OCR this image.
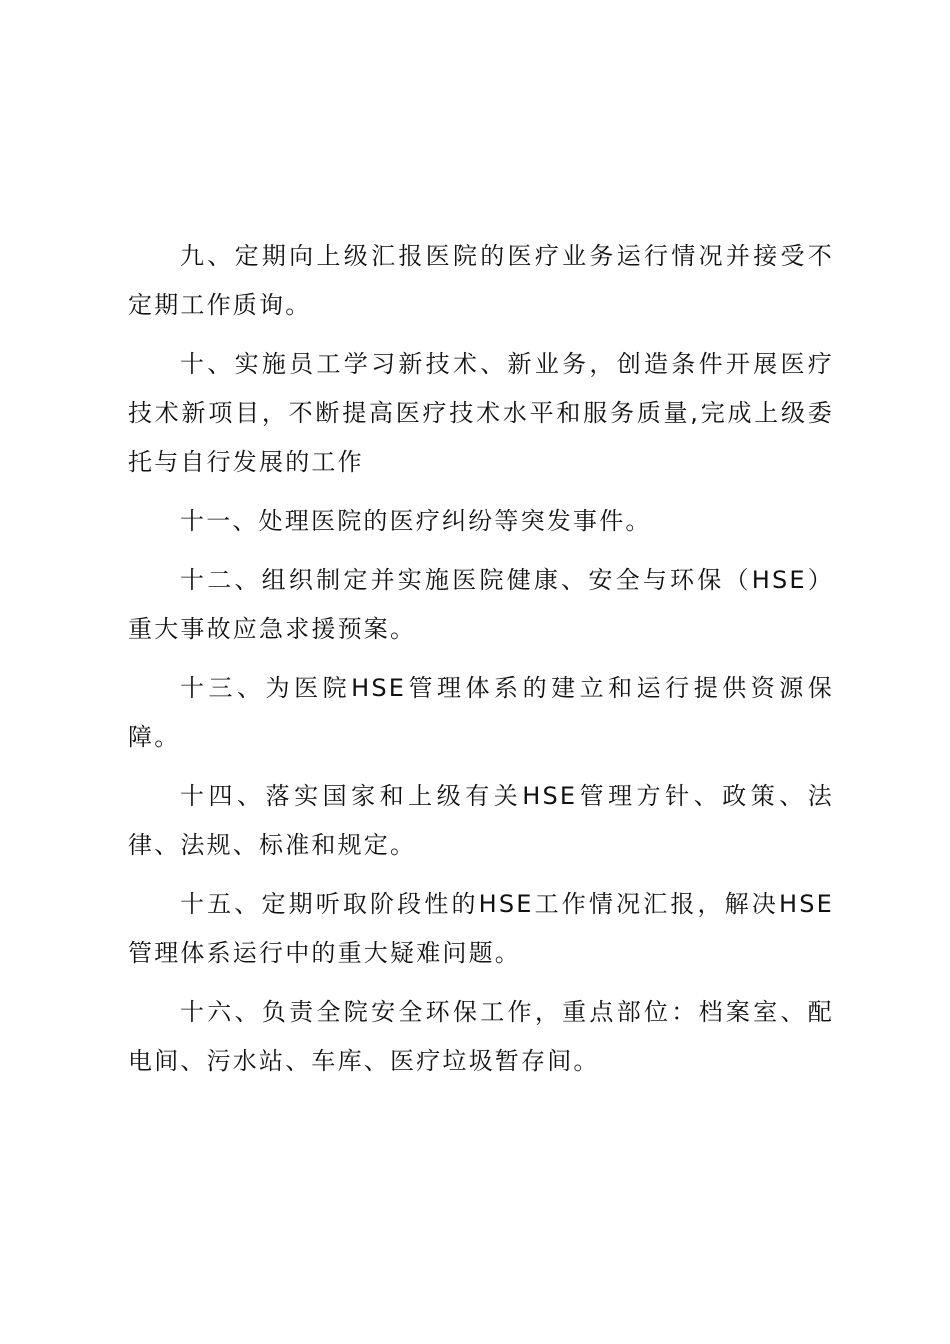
九、定期向上级汇报医院的医疗业务运行情况并接受不定期工作质询。

十、实施员工学习新技术、新业务，创造条件开展医疗技术新项目，不断提高医疗技术水平和服务质量,完成上级委托与自行发展的工作

十一、处理医院的医疗纠纷等突发事件。

十二、组织制定并实施医院健康、安全与环保（HSE）重大事故应急求援预案。

十三、为医院HSE管理体系的建立和运行提供资源保障。

十四、落实国家和上级有关HSE管理方针、政策、法律、法规、标准和规定。

十五、定期听取阶段性的HSE工作情况汇报，解决HSE管理体系运行中的重大疑难问题。

十六、负责全院安全环保工作，重点部位：档案室、配电间、污水站、车库、医疗垃圾暂存间。
